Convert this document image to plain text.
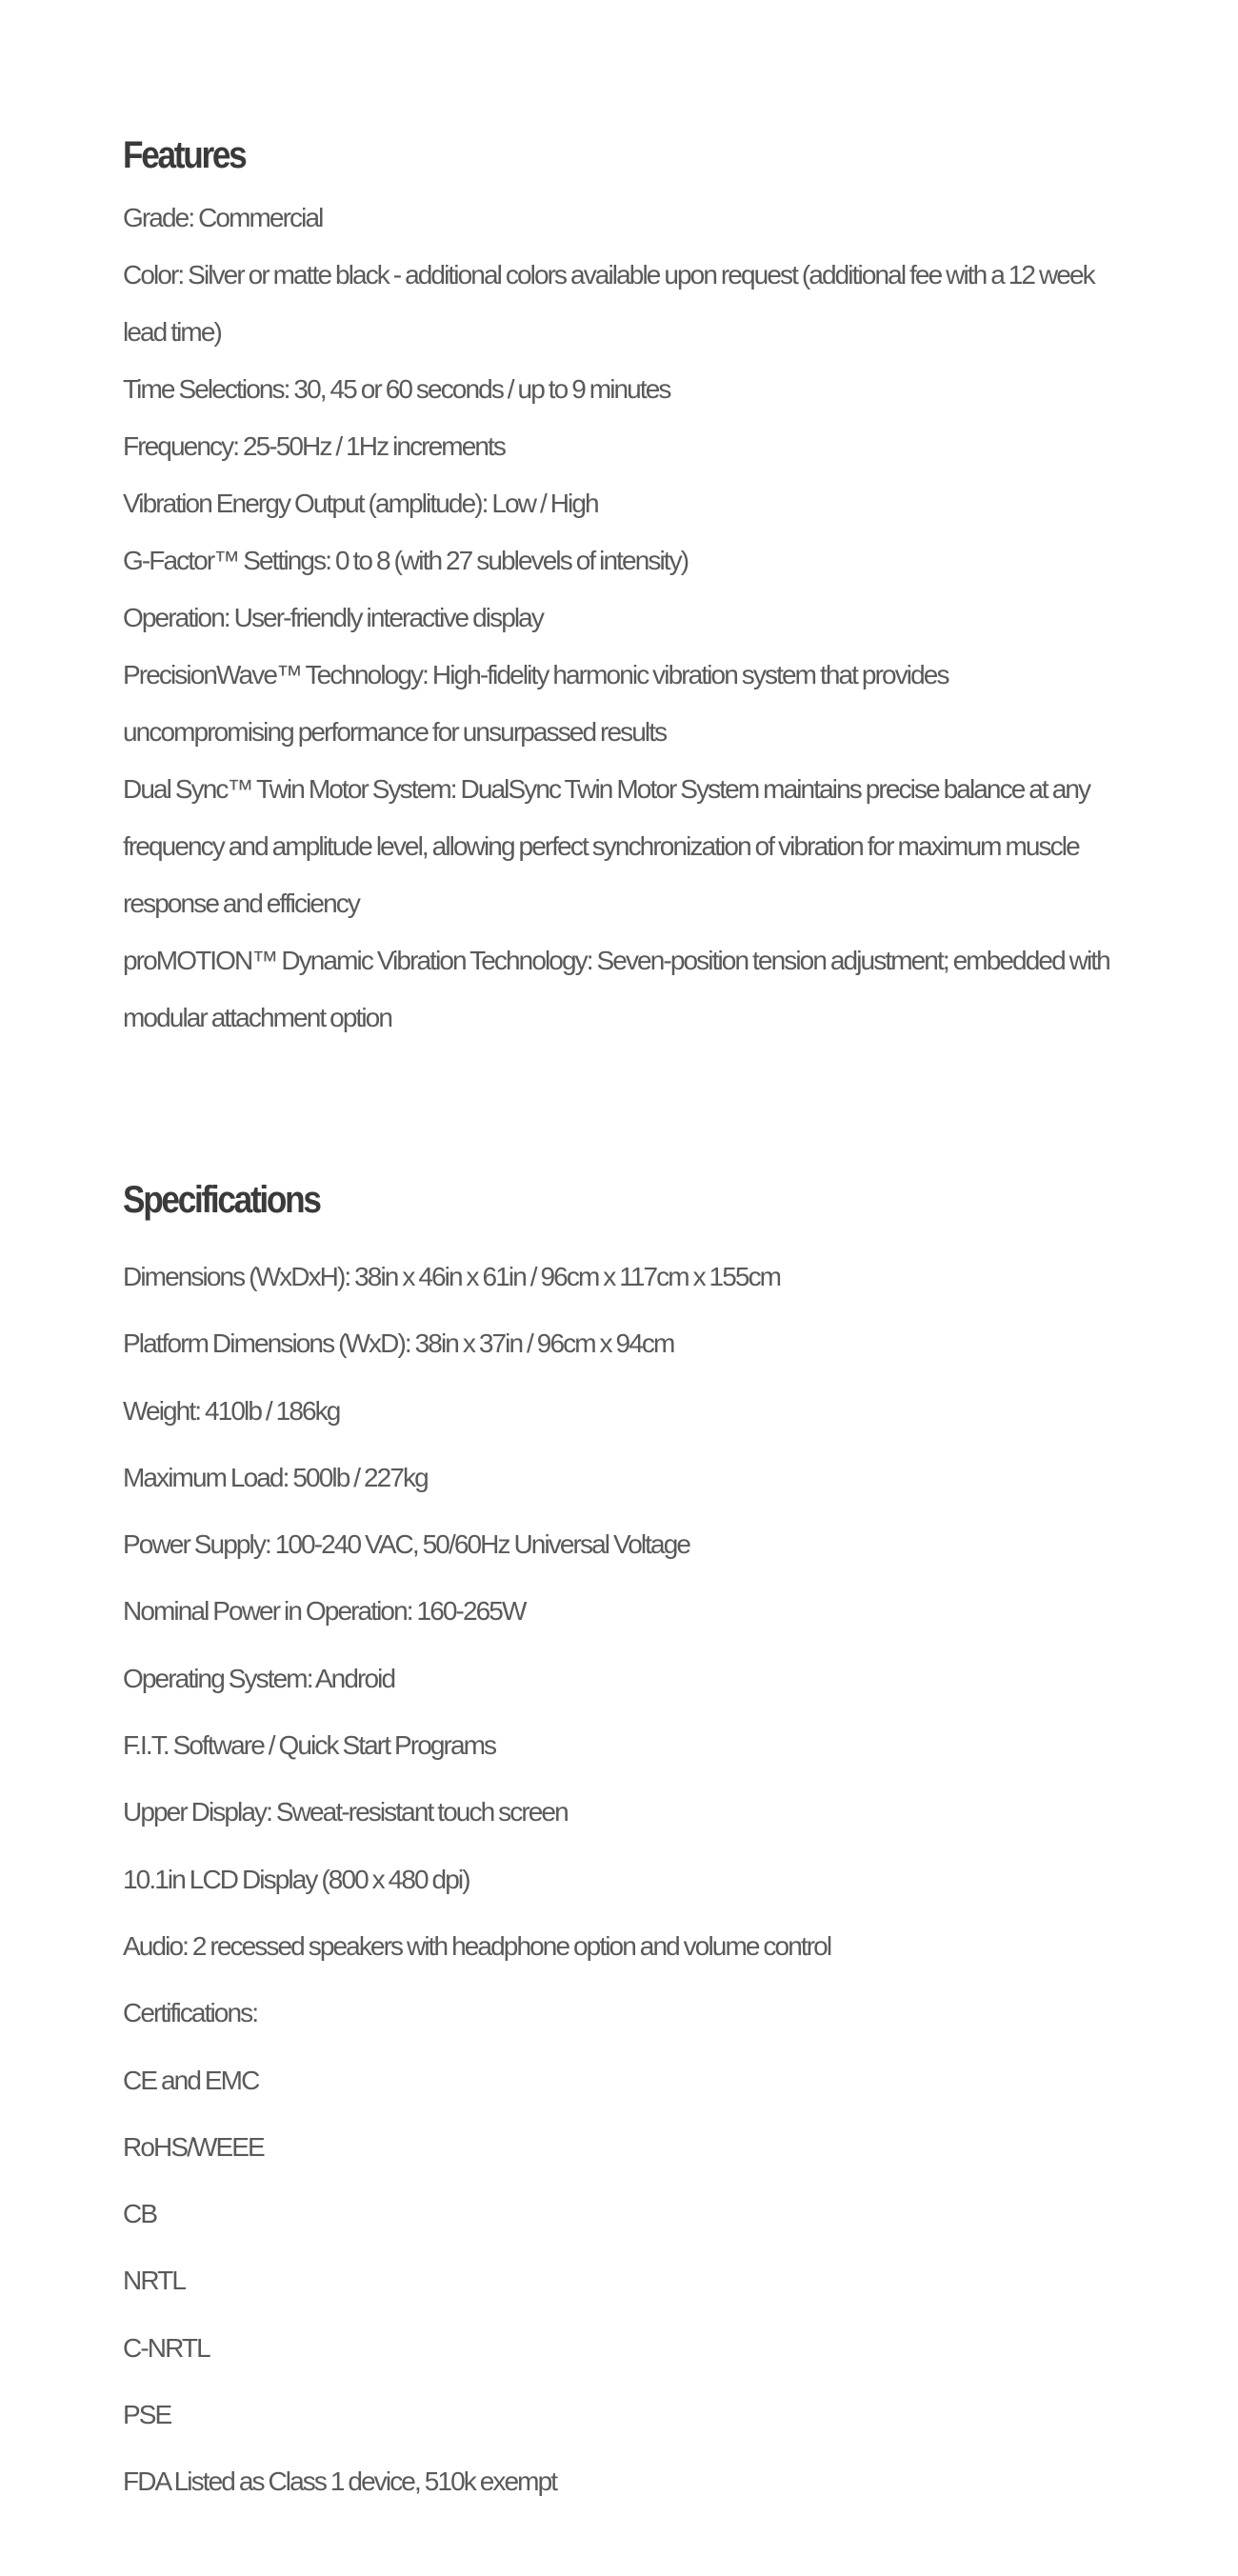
Features
Grade: Commercial
Color: Silver or matte black - additional colors available upon request (additional fee with a 12 week lead time)
Time Selections: 30, 45 or 60 seconds / up to 9 minutes
Frequency: 25-50Hz / 1Hz increments
Vibration Energy Output (amplitude): Low / High
G-Factor™ Settings: 0 to 8 (with 27 sublevels of intensity)
Operation: User-friendly interactive display
PrecisionWave™ Technology: High-fidelity harmonic vibration system that provides uncompromising performance for unsurpassed results
Dual Sync™ Twin Motor System: DualSync Twin Motor System maintains precise balance at any frequency and amplitude level, allowing perfect synchronization of vibration for maximum muscle response and efficiency
proMOTION™ Dynamic Vibration Technology: Seven-position tension adjustment; embedded with modular attachment option
Specifications
Dimensions (WxDxH): 38in x 46in x 61in / 96cm x 117cm x 155cm
Platform Dimensions (WxD): 38in x 37in / 96cm x 94cm
Weight: 410lb / 186kg
Maximum Load: 500lb / 227kg
Power Supply: 100-240 VAC, 50/60Hz Universal Voltage
Nominal Power in Operation: 160-265W
Operating System: Android
F.I.T. Software / Quick Start Programs
Upper Display: Sweat-resistant touch screen
10.1in LCD Display (800 x 480 dpi)
Audio: 2 recessed speakers with headphone option and volume control
Certifications:
CE and EMC
RoHS/WEEE
CB
NRTL
C-NRTL
PSE
FDA Listed as Class 1 device, 510k exempt
